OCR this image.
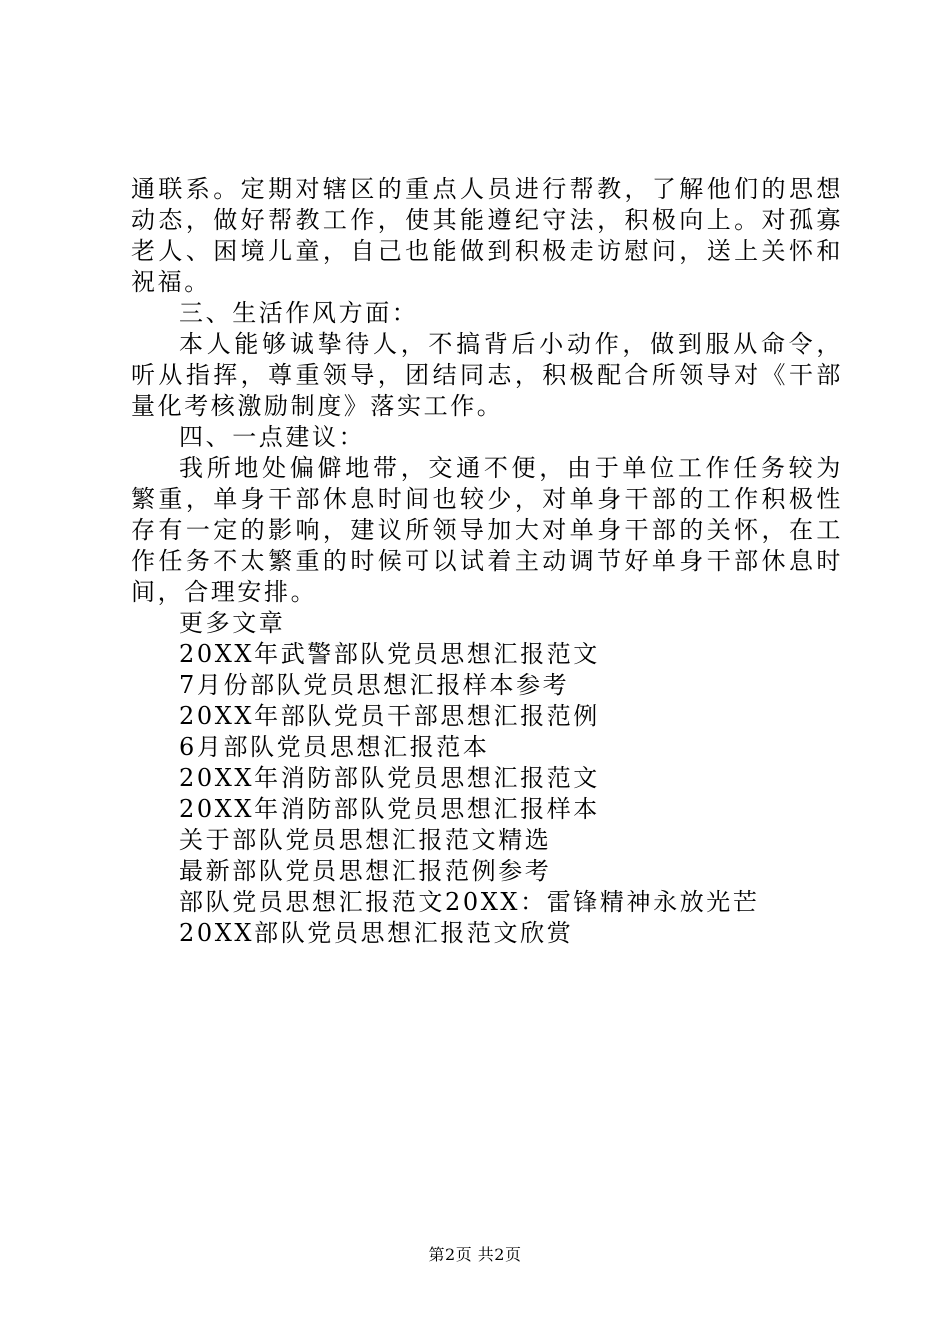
通联系。定期对辖区的重点人员进行帮教，了解他们的思想动态，做好帮教工作，使其能遵纪守法，积极向上。对孤寡老人、困境儿童，自己也能做到积极走访慰问，送上关怀和祝福。

三、生活作风方面：

本人能够诚挚待人，不搞背后小动作，做到服从命令，听从指挥，尊重领导，团结同志，积极配合所领导对《干部量化考核激励制度》落实工作。

四、一点建议：

我所地处偏僻地带，交通不便，由于单位工作任务较为繁重，单身干部休息时间也较少，对单身干部的工作积极性存有一定的影响，建议所领导加大对单身干部的关怀，在工作任务不太繁重的时候可以试着主动调节好单身干部休息时间，合理安排。

更多文章

20XX年武警部队党员思想汇报范文
7月份部队党员思想汇报样本参考
20XX年部队党员干部思想汇报范例
6月部队党员思想汇报范本
20XX年消防部队党员思想汇报范文
20XX年消防部队党员思想汇报样本
关于部队党员思想汇报范文精选
最新部队党员思想汇报范例参考
部队党员思想汇报范文20XX：雷锋精神永放光芒
20XX部队党员思想汇报范文欣赏
第2页 共2页
